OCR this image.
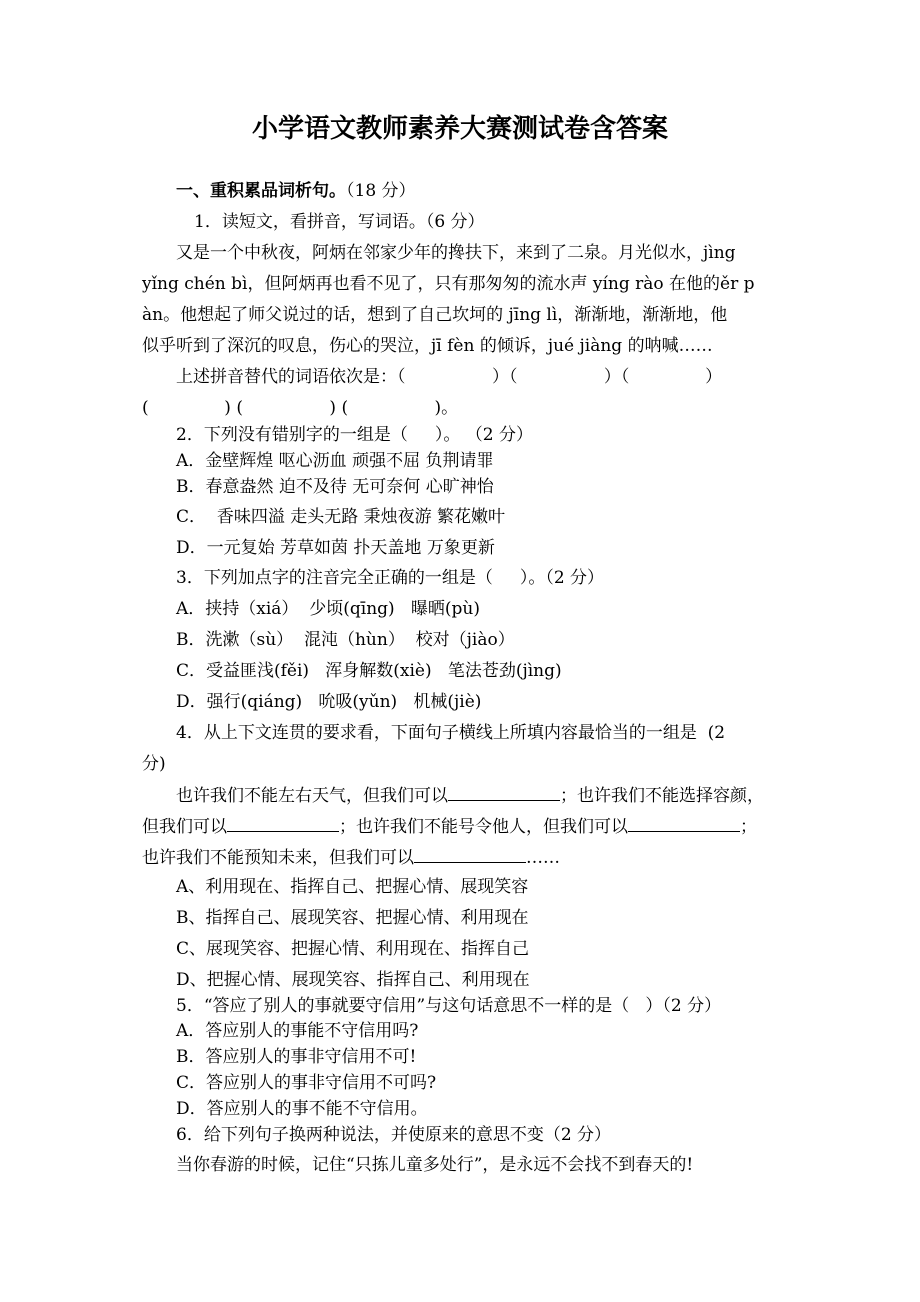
小学语文教师素养大赛测试卷含答案
一、重积累品词析句。（18 分）
1．读短文，看拼音，写词语。（6 分）
又是一个中秋夜，阿炳在邻家少年的搀扶下，来到了二泉。月光似水，jìng
yǐng chén bì，但阿炳再也看不见了，只有那匆匆的流水声 yíng rào 在他的ěr p
àn。他想起了师父说过的话，想到了自己坎坷的 jīng lì，渐渐地，渐渐地，他
似乎听到了深沉的叹息，伤心的哭泣，jī fèn 的倾诉，jué jiàng 的呐喊……
上述拼音替代的词语依次是：（                ）（                ）（              ）
(              ) (                ) (                )。
2．下列没有错别字的一组是（     ）。 （2 分）
A．金壁辉煌 呕心沥血 顽强不屈 负荆请罪
B．春意盎然 迫不及待 无可奈何 心旷神怡
C．  香味四溢 走头无路 秉烛夜游 繁花嫩叶
D．一元复始 芳草如茵 扑天盖地 万象更新
3．下列加点字的注音完全正确的一组是（     ）。（2 分）
A．挟持（xiá）  少顷(qīng)   曝晒(pù)
B．洗漱（sù）  混沌（hùn）  校对（jiào）
C．受益匪浅(fěi)   浑身解数(xiè)   笔法苍劲(jìng)
D．强行(qiáng)   吮吸(yǔn)   机械(jiè)
4．从上下文连贯的要求看，下面句子横线上所填内容最恰当的一组是  (2
分)
也许我们不能左右天气，但我们可以	；也许我们不能选择容颜，
但我们可以	；也许我们不能号令他人，但我们可以	；
也许我们不能预知未来，但我们可以	……
A、利用现在、指挥自己、把握心情、展现笑容
B、指挥自己、展现笑容、把握心情、利用现在
C、展现笑容、把握心情、利用现在、指挥自己
D、把握心情、展现笑容、指挥自己、利用现在
5．“答应了别人的事就要守信用”与这句话意思不一样的是（   ）（2 分）
A．答应别人的事能不守信用吗?
B．答应别人的事非守信用不可!
C．答应别人的事非守信用不可吗?
D．答应别人的事不能不守信用。
6．给下列句子换两种说法，并使原来的意思不变（2 分）
当你春游的时候，记住“只拣儿童多处行”，是永远不会找不到春天的!
